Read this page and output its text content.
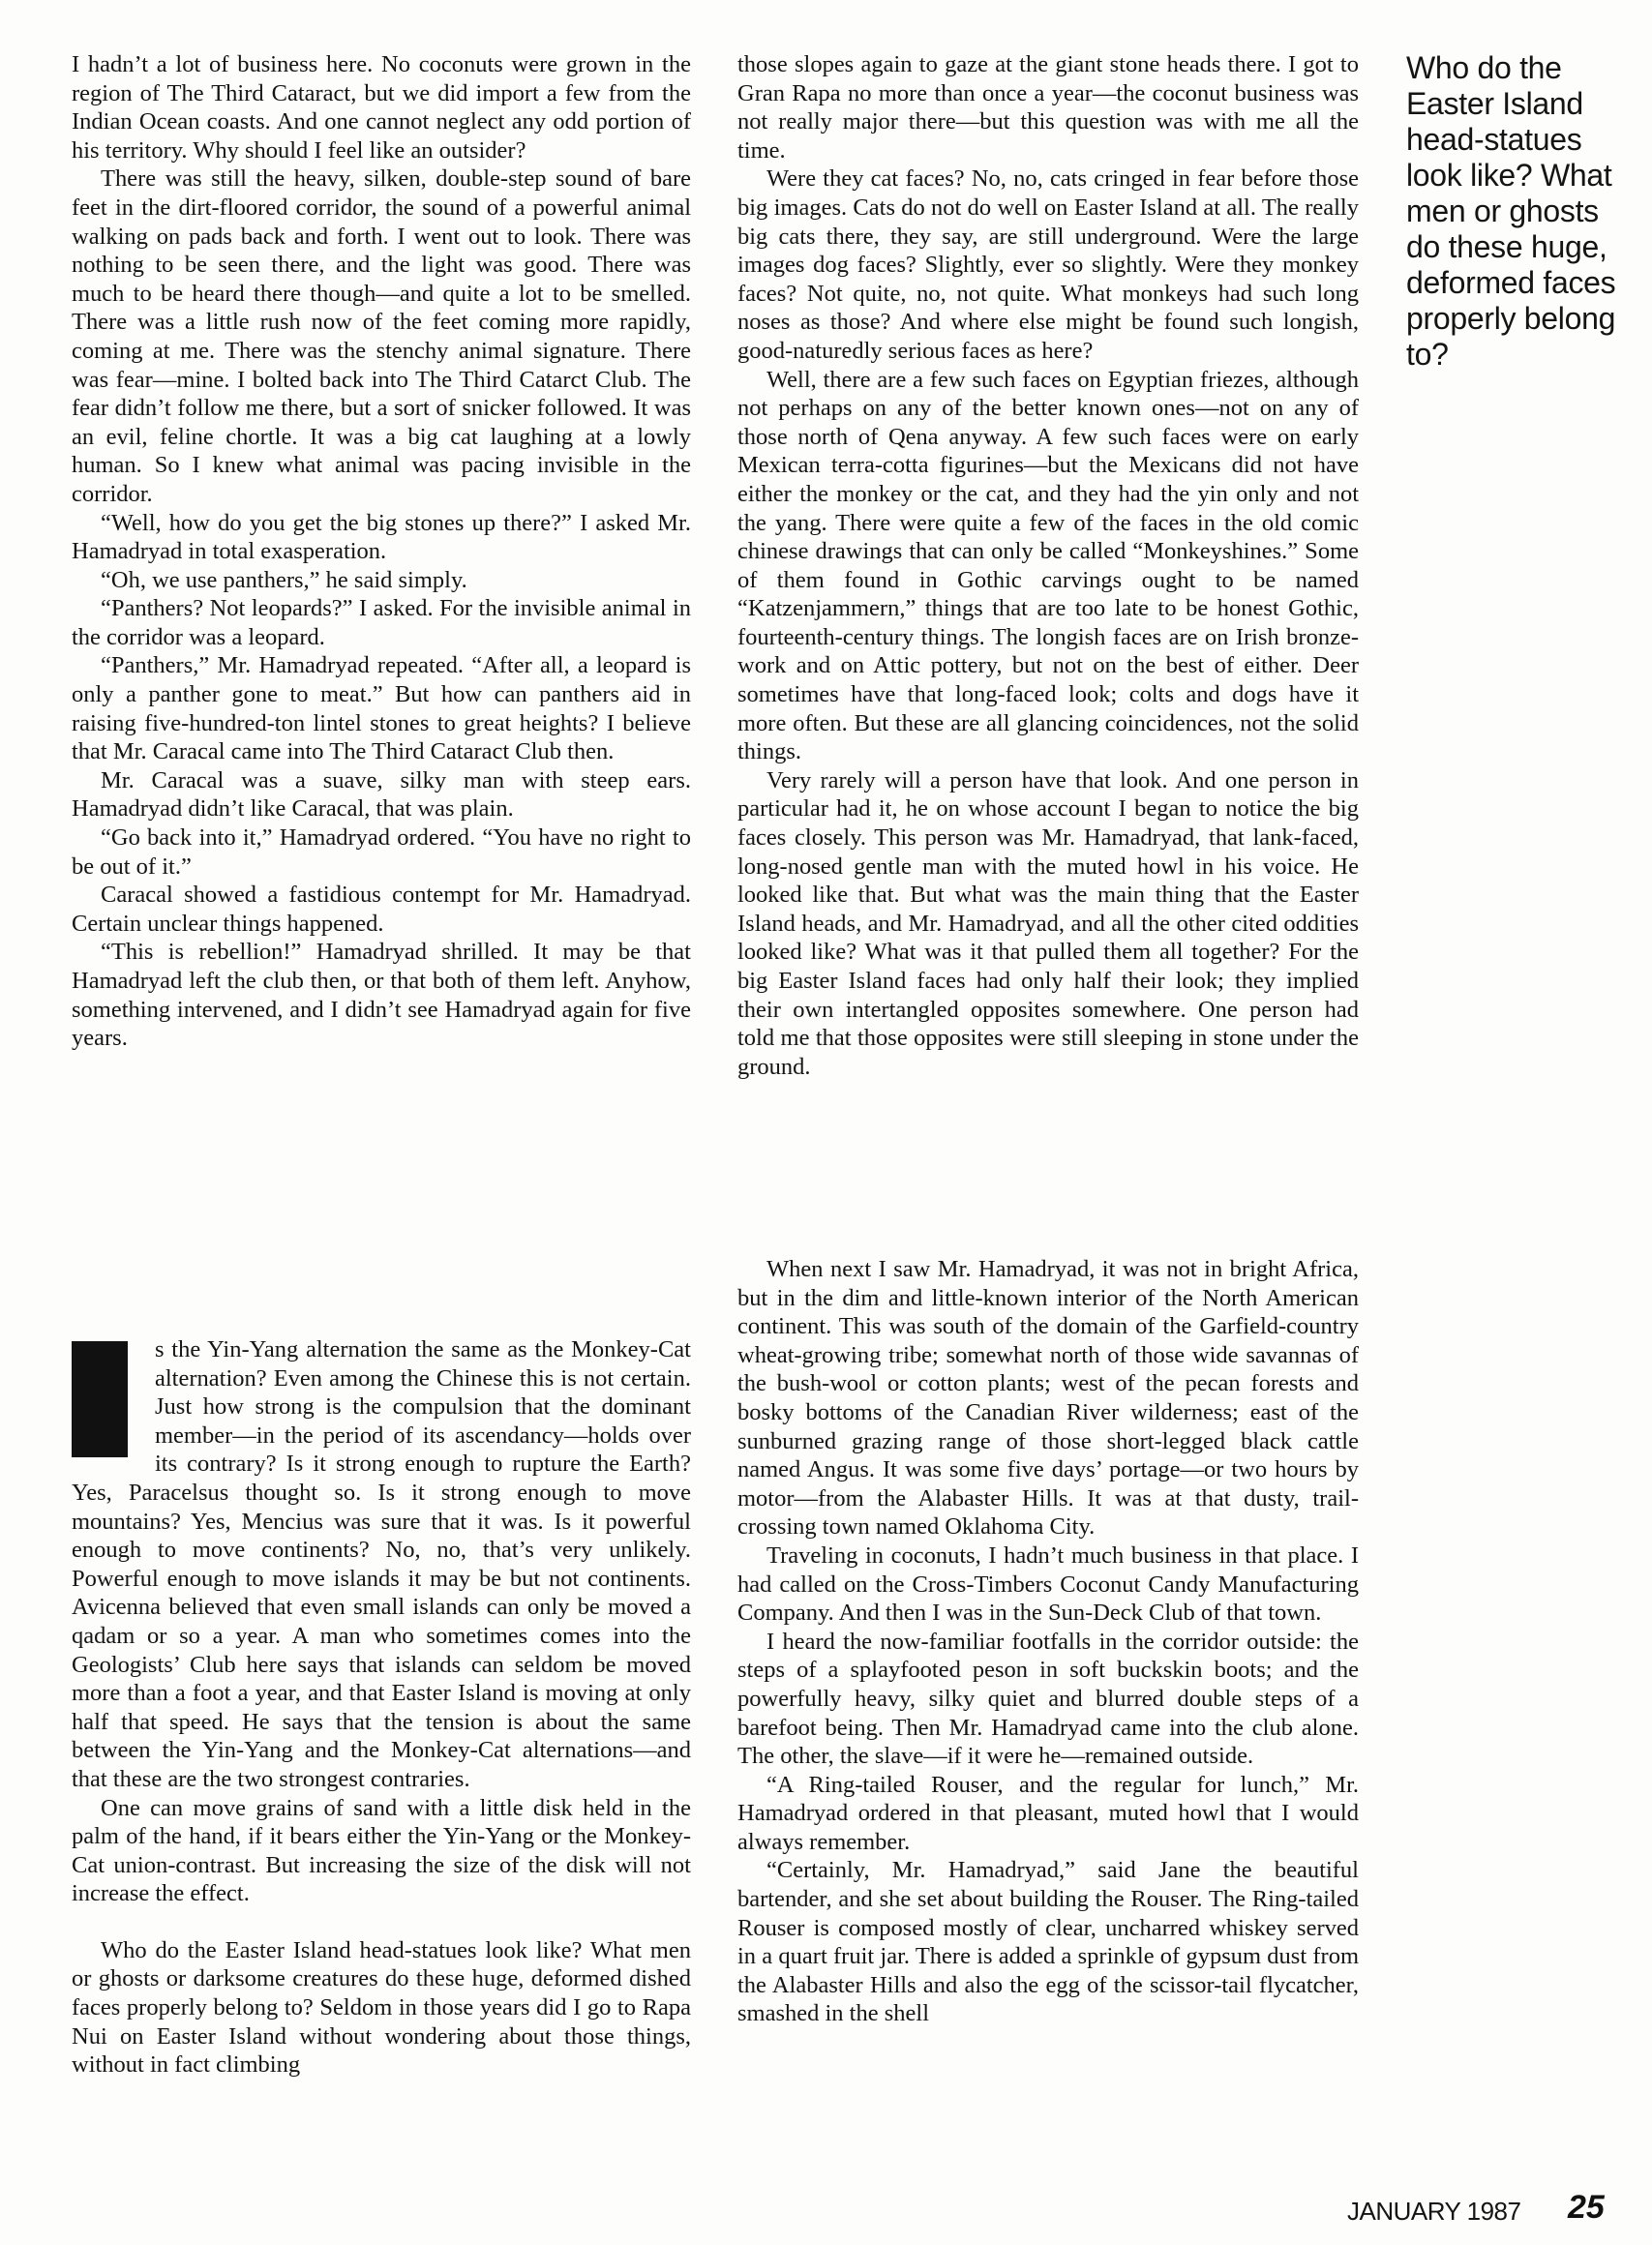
I hadn’t a lot of business here. No coconuts were grown in the region of The Third Cataract, but we did import a few from the Indian Ocean coasts. And one cannot neglect any odd portion of his territory. Why should I feel like an outsider?

There was still the heavy, silken, double-step sound of bare feet in the dirt-floored corridor, the sound of a powerful animal walking on pads back and forth. I went out to look. There was nothing to be seen there, and the light was good. There was much to be heard there though—and quite a lot to be smelled. There was a little rush now of the feet coming more rapidly, coming at me. There was the stenchy animal signature. There was fear—mine. I bolted back into The Third Catarct Club. The fear didn’t follow me there, but a sort of snicker followed. It was an evil, feline chortle. It was a big cat laughing at a lowly human. So I knew what animal was pacing invisible in the corridor.

“Well, how do you get the big stones up there?” I asked Mr. Hamadryad in total exasperation.

“Oh, we use panthers,” he said simply.

“Panthers? Not leopards?” I asked. For the invisible animal in the corridor was a leopard.

“Panthers,” Mr. Hamadryad repeated. “After all, a leopard is only a panther gone to meat.” But how can panthers aid in raising five-hundred-ton lintel stones to great heights? I believe that Mr. Caracal came into The Third Cataract Club then.

Mr. Caracal was a suave, silky man with steep ears. Hamadryad didn’t like Caracal, that was plain.

“Go back into it,” Hamadryad ordered. “You have no right to be out of it.”

Caracal showed a fastidious contempt for Mr. Hamadryad. Certain unclear things happened.

“This is rebellion!” Hamadryad shrilled. It may be that Hamadryad left the club then, or that both of them left. Anyhow, something intervened, and I didn’t see Hamadryad again for five years.

s the Yin-Yang alternation the same as the Monkey-Cat alternation? Even among the Chinese this is not certain. Just how strong is the compulsion that the dominant member—in the period of its ascendancy—holds over its contrary? Is it strong enough to rupture the Earth? Yes, Paracelsus thought so. Is it strong enough to move mountains? Yes, Mencius was sure that it was. Is it powerful enough to move continents? No, no, that’s very unlikely. Powerful enough to move islands it may be but not continents. Avicenna believed that even small islands can only be moved a qadam or so a year. A man who sometimes comes into the Geologists’ Club here says that islands can seldom be moved more than a foot a year, and that Easter Island is moving at only half that speed. He says that the tension is about the same between the Yin-Yang and the Monkey-Cat alternations—and that these are the two strongest contraries.

One can move grains of sand with a little disk held in the palm of the hand, if it bears either the Yin-Yang or the Monkey-Cat union-contrast. But increasing the size of the disk will not increase the effect.

Who do the Easter Island head-statues look like? What men or ghosts or darksome creatures do these huge, deformed dished faces properly belong to? Seldom in those years did I go to Rapa Nui on Easter Island without wondering about those things, without in fact climbing

those slopes again to gaze at the giant stone heads there. I got to Gran Rapa no more than once a year—the coconut business was not really major there—but this question was with me all the time.

Were they cat faces? No, no, cats cringed in fear before those big images. Cats do not do well on Easter Island at all. The really big cats there, they say, are still underground. Were the large images dog faces? Slightly, ever so slightly. Were they monkey faces? Not quite, no, not quite. What monkeys had such long noses as those? And where else might be found such longish, good-naturedly serious faces as here?

Well, there are a few such faces on Egyptian friezes, although not perhaps on any of the better known ones—not on any of those north of Qena anyway. A few such faces were on early Mexican terra-cotta figurines—but the Mexicans did not have either the monkey or the cat, and they had the yin only and not the yang. There were quite a few of the faces in the old comic chinese drawings that can only be called “Monkeyshines.” Some of them found in Gothic carvings ought to be named “Katzenjammern,” things that are too late to be honest Gothic, fourteenth-century things. The longish faces are on Irish bronze-work and on Attic pottery, but not on the best of either. Deer sometimes have that long-faced look; colts and dogs have it more often. But these are all glancing coincidences, not the solid things.

Very rarely will a person have that look. And one person in particular had it, he on whose account I began to notice the big faces closely. This person was Mr. Hamadryad, that lank-faced, long-nosed gentle man with the muted howl in his voice. He looked like that. But what was the main thing that the Easter Island heads, and Mr. Hamadryad, and all the other cited oddities looked like? What was it that pulled them all together? For the big Easter Island faces had only half their look; they implied their own intertangled opposites somewhere. One person had told me that those opposites were still sleeping in stone under the ground.

When next I saw Mr. Hamadryad, it was not in bright Africa, but in the dim and little-known interior of the North American continent. This was south of the domain of the Garfield-country wheat-growing tribe; somewhat north of those wide savannas of the bush-wool or cotton plants; west of the pecan forests and bosky bottoms of the Canadian River wilderness; east of the sunburned grazing range of those short-legged black cattle named Angus. It was some five days’ portage—or two hours by motor—from the Alabaster Hills. It was at that dusty, trail-crossing town named Oklahoma City.

Traveling in coconuts, I hadn’t much business in that place. I had called on the Cross-Timbers Coconut Candy Manufacturing Company. And then I was in the Sun-Deck Club of that town.

I heard the now-familiar footfalls in the corridor outside: the steps of a splayfooted peson in soft buckskin boots; and the powerfully heavy, silky quiet and blurred double steps of a barefoot being. Then Mr. Hamadryad came into the club alone. The other, the slave—if it were he—remained outside.

“A Ring-tailed Rouser, and the regular for lunch,” Mr. Hamadryad ordered in that pleasant, muted howl that I would always remember.

“Certainly, Mr. Hamadryad,” said Jane the beautiful bartender, and she set about building the Rouser. The Ring-tailed Rouser is composed mostly of clear, uncharred whiskey served in a quart fruit jar. There is added a sprinkle of gypsum dust from the Alabaster Hills and also the egg of the scissor-tail flycatcher, smashed in the shell

Who do the Easter Island head-statues look like? What men or ghosts do these huge, deformed faces properly belong to?
JANUARY 1987 25
